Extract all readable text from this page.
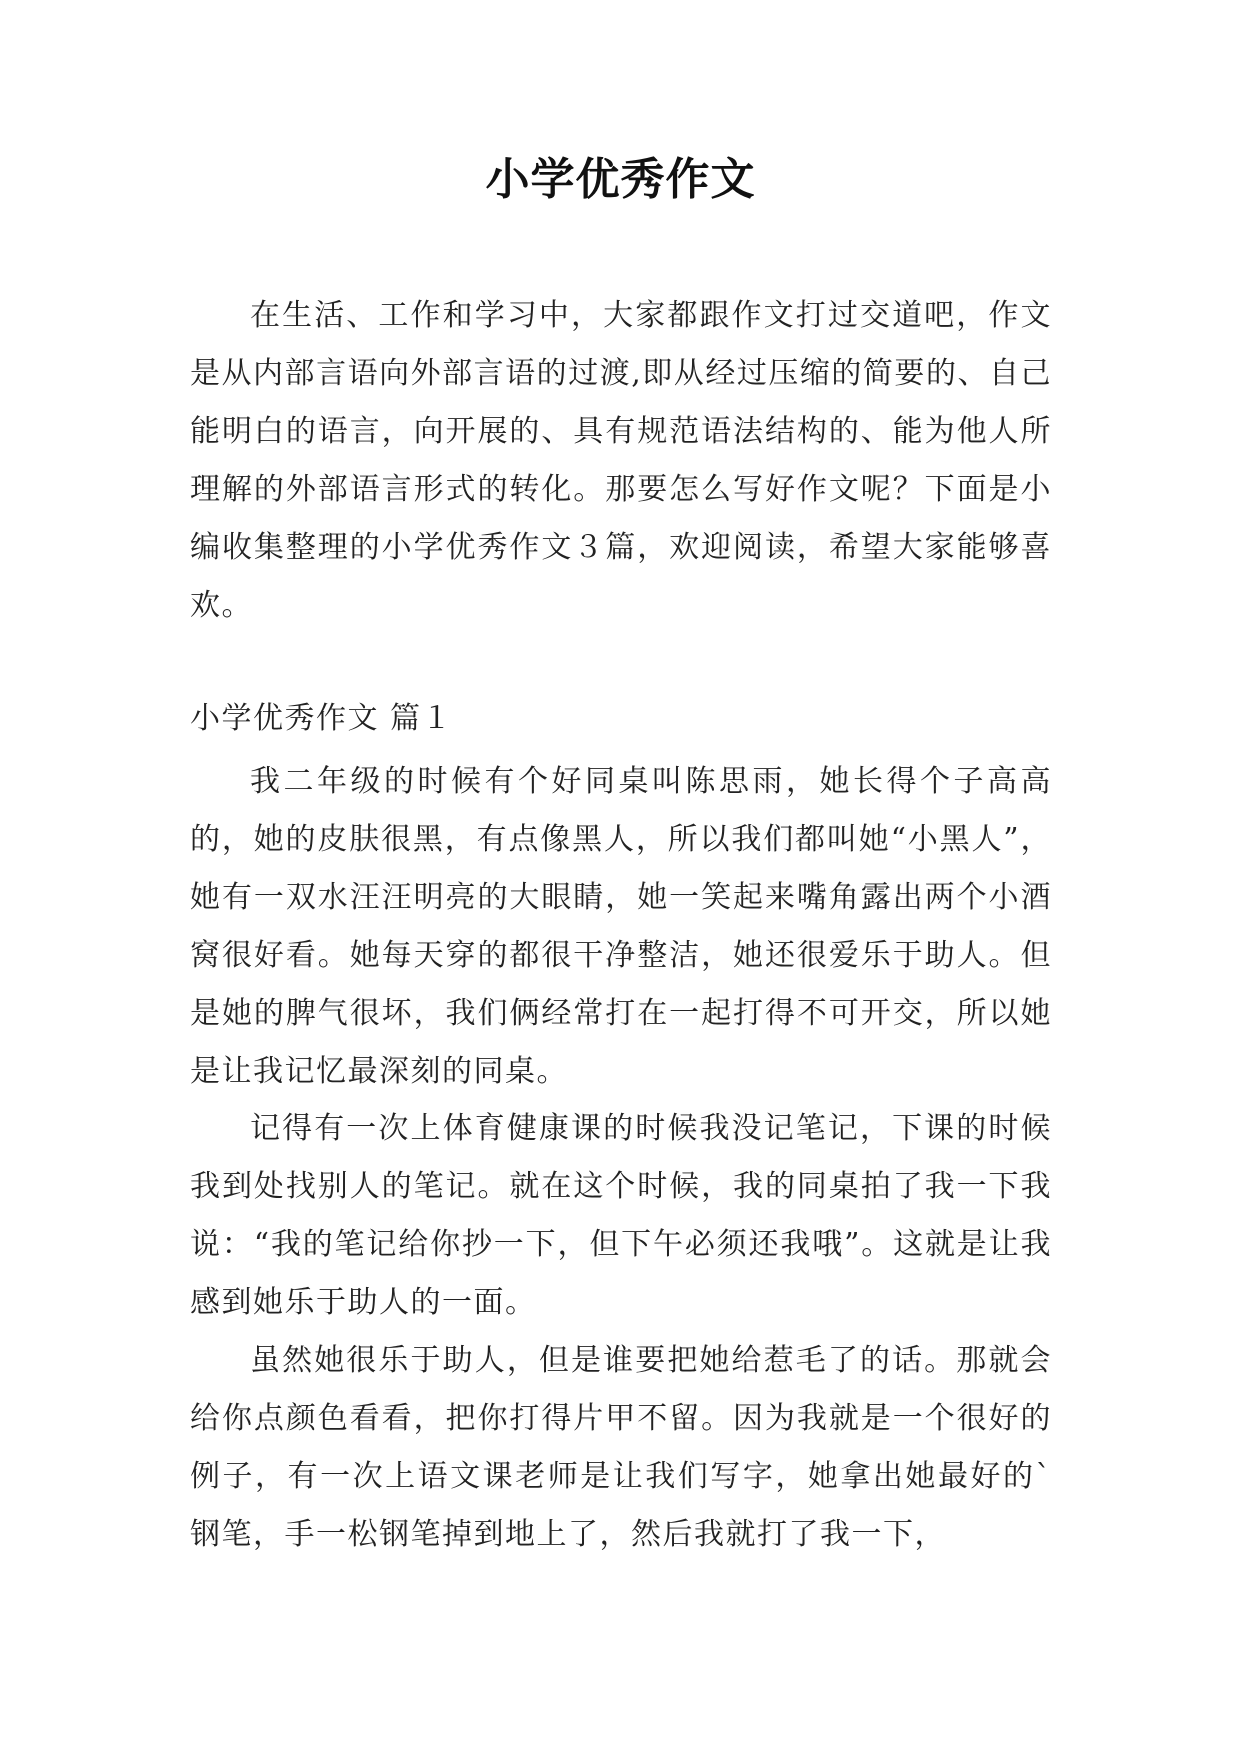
小学优秀作文

在生活、工作和学习中，大家都跟作文打过交道吧，作文是从内部言语向外部言语的过渡,即从经过压缩的简要的、自己能明白的语言，向开展的、具有规范语法结构的、能为他人所理解的外部语言形式的转化。那要怎么写好作文呢？下面是小编收集整理的小学优秀作文３篇，欢迎阅读，希望大家能够喜欢。

小学优秀作文 篇１

我二年级的时候有个好同桌叫陈思雨，她长得个子高高的，她的皮肤很黑，有点像黑人，所以我们都叫她“小黑人”，她有一双水汪汪明亮的大眼睛，她一笑起来嘴角露出两个小酒窝很好看。她每天穿的都很干净整洁，她还很爱乐于助人。但是她的脾气很坏，我们俩经常打在一起打得不可开交，所以她是让我记忆最深刻的同桌。

记得有一次上体育健康课的时候我没记笔记，下课的时候我到处找别人的笔记。就在这个时候，我的同桌拍了我一下我说：“我的笔记给你抄一下，但下午必须还我哦”。这就是让我感到她乐于助人的一面。

虽然她很乐于助人，但是谁要把她给惹毛了的话。那就会给你点颜色看看，把你打得片甲不留。因为我就是一个很好的例子，有一次上语文课老师是让我们写字，她拿出她最好的`钢笔，手一松钢笔掉到地上了，然后我就打了我一下，
